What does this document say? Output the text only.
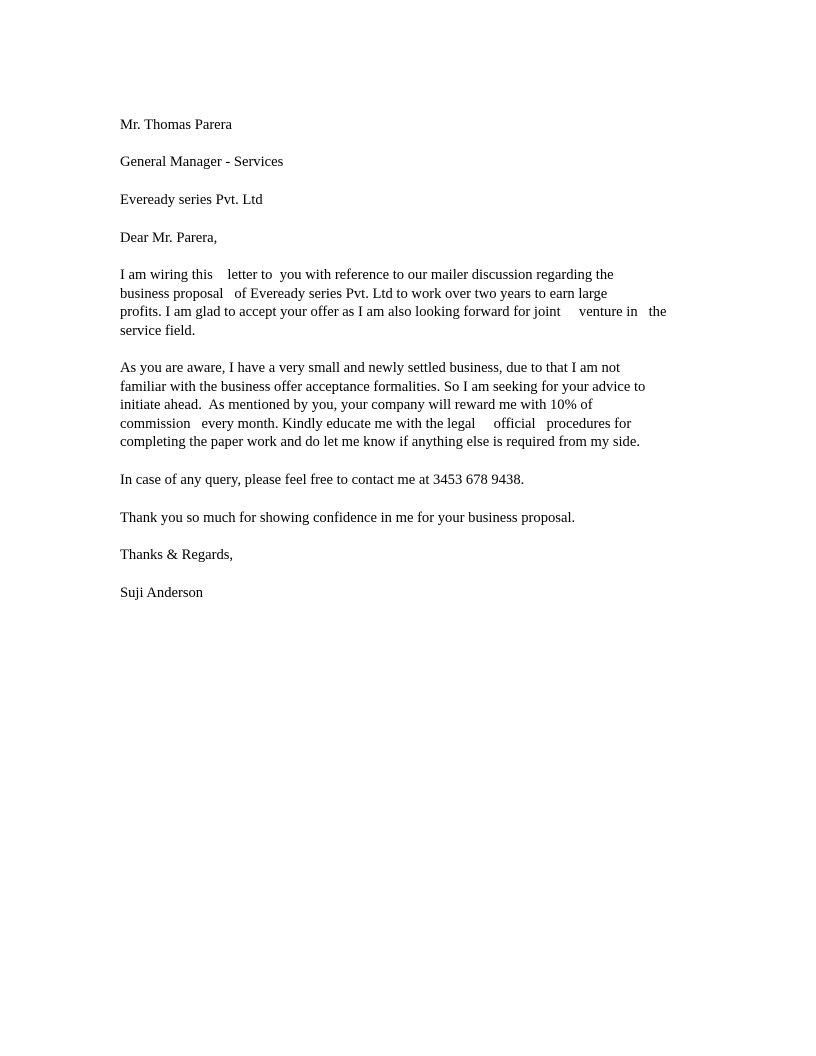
Mr. Thomas Parera
General Manager - Services
Eveready series Pvt. Ltd
Dear Mr. Parera,
I am wiring this    letter to  you with reference to our mailer discussion regarding the
business proposal   of Eveready series Pvt. Ltd to work over two years to earn large
profits. I am glad to accept your offer as I am also looking forward for joint     venture in   the
service field.
As you are aware, I have a very small and newly settled business, due to that I am not
familiar with the business offer acceptance formalities. So I am seeking for your advice to
initiate ahead.  As mentioned by you, your company will reward me with 10% of
commission   every month. Kindly educate me with the legal     official   procedures for
completing the paper work and do let me know if anything else is required from my side.
In case of any query, please feel free to contact me at 3453 678 9438.
Thank you so much for showing confidence in me for your business proposal.
Thanks & Regards,
Suji Anderson
